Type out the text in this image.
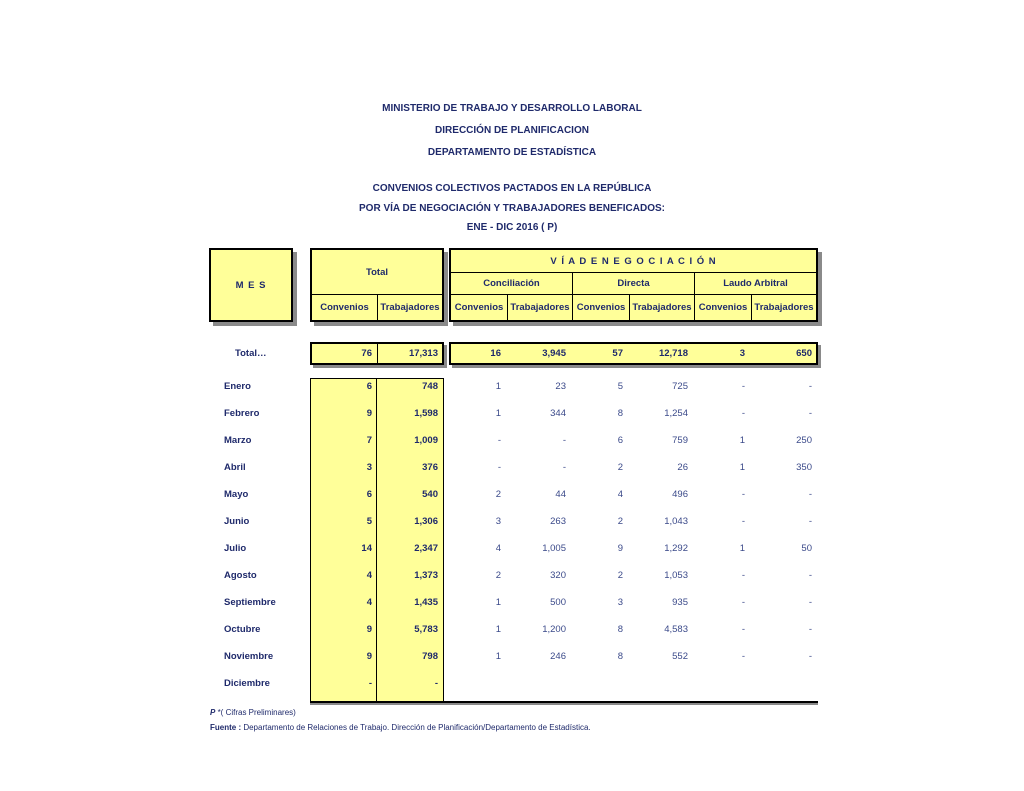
MINISTERIO DE TRABAJO Y DESARROLLO LABORAL
DIRECCIÓN DE PLANIFICACION
DEPARTAMENTO DE ESTADÍSTICA
CONVENIOS COLECTIVOS PACTADOS EN LA REPÚBLICA
POR VÍA DE NEGOCIACIÓN Y TRABAJADORES BENEFICADOS:
ENE - DIC 2016 ( P)
M E S
Total
Convenios	Trabajadores
V Í A D E N E G O C I A C I Ó N
Conciliación	Directa	Laudo Arbitral
Convenios Trabajadores Convenios Trabajadores Convenios Trabajadores
Total…	76	17,313	16	3,945	57	12,718	3	650
Enero	6	748	1	23	5	725	-	-
Febrero	9	1,598	1	344	8	1,254	-	-
Marzo	7	1,009	-	-	6	759	1	250
Abril	3	376	-	-	2	26	1	350
Mayo	6	540	2	44	4	496	-	-
Junio	5	1,306	3	263	2	1,043	-	-
Julio	14	2,347	4	1,005	9	1,292	1	50
Agosto	4	1,373	2	320	2	1,053	-	-
Septiembre	4	1,435	1	500	3	935	-	-
Octubre	9	5,783	1	1,200	8	4,583	-	-
Noviembre	9	798	1	246	8	552	-	-
Diciembre	-	-
P *( Cifras Preliminares)
Fuente : Departamento de Relaciones de Trabajo. Dirección de Planificación/Departamento de Estadística.
